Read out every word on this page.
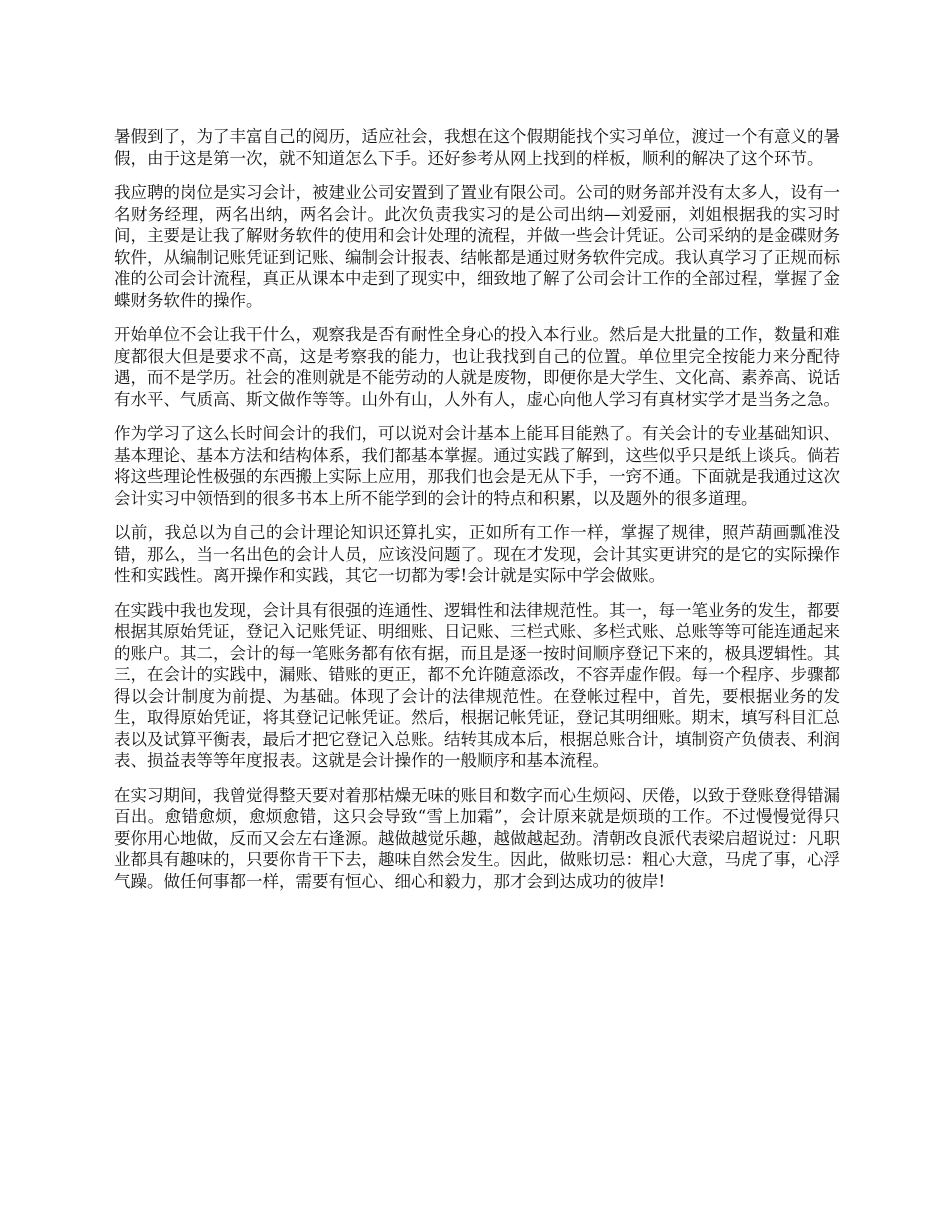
暑假到了，为了丰富自己的阅历，适应社会，我想在这个假期能找个实习单位，渡过一个有意义的暑假，由于这是第一次，就不知道怎么下手。还好参考从网上找到的样板，顺利的解决了这个环节。

我应聘的岗位是实习会计，被建业公司安置到了置业有限公司。公司的财务部并没有太多人，设有一名财务经理，两名出纳，两名会计。此次负责我实习的是公司出纳—刘爱丽，刘姐根据我的实习时间，主要是让我了解财务软件的使用和会计处理的流程，并做一些会计凭证。公司采纳的是金碟财务软件，从编制记账凭证到记账、编制会计报表、结帐都是通过财务软件完成。我认真学习了正规而标准的公司会计流程，真正从课本中走到了现实中，细致地了解了公司会计工作的全部过程，掌握了金蝶财务软件的操作。

开始单位不会让我干什么，观察我是否有耐性全身心的投入本行业。然后是大批量的工作，数量和难度都很大但是要求不高，这是考察我的能力，也让我找到自己的位置。单位里完全按能力来分配待遇，而不是学历。社会的准则就是不能劳动的人就是废物，即便你是大学生、文化高、素养高、说话有水平、气质高、斯文做作等等。山外有山，人外有人，虚心向他人学习有真材实学才是当务之急。

作为学习了这么长时间会计的我们，可以说对会计基本上能耳目能熟了。有关会计的专业基础知识、基本理论、基本方法和结构体系，我们都基本掌握。通过实践了解到，这些似乎只是纸上谈兵。倘若将这些理论性极强的东西搬上实际上应用，那我们也会是无从下手，一窍不通。下面就是我通过这次会计实习中领悟到的很多书本上所不能学到的会计的特点和积累，以及题外的很多道理。

以前，我总以为自己的会计理论知识还算扎实，正如所有工作一样，掌握了规律，照芦葫画瓢准没错，那么，当一名出色的会计人员，应该没问题了。现在才发现，会计其实更讲究的是它的实际操作性和实践性。离开操作和实践，其它一切都为零!会计就是实际中学会做账。

在实践中我也发现，会计具有很强的连通性、逻辑性和法律规范性。其一，每一笔业务的发生，都要根据其原始凭证，登记入记账凭证、明细账、日记账、三栏式账、多栏式账、总账等等可能连通起来的账户。其二，会计的每一笔账务都有依有据，而且是逐一按时间顺序登记下来的，极具逻辑性。其三，在会计的实践中，漏账、错账的更正，都不允许随意添改，不容弄虚作假。每一个程序、步骤都得以会计制度为前提、为基础。体现了会计的法律规范性。在登帐过程中，首先，要根据业务的发生，取得原始凭证，将其登记记帐凭证。然后，根据记帐凭证，登记其明细账。期末，填写科目汇总表以及试算平衡表，最后才把它登记入总账。结转其成本后，根据总账合计，填制资产负债表、利润表、损益表等等年度报表。这就是会计操作的一般顺序和基本流程。

在实习期间，我曾觉得整天要对着那枯燥无味的账目和数字而心生烦闷、厌倦，以致于登账登得错漏百出。愈错愈烦，愈烦愈错，这只会导致“雪上加霜”，会计原来就是烦琐的工作。不过慢慢觉得只要你用心地做，反而又会左右逢源。越做越觉乐趣，越做越起劲。清朝改良派代表梁启超说过：凡职业都具有趣味的，只要你肯干下去，趣味自然会发生。因此，做账切忌：粗心大意，马虎了事，心浮气躁。做任何事都一样，需要有恒心、细心和毅力，那才会到达成功的彼岸!
